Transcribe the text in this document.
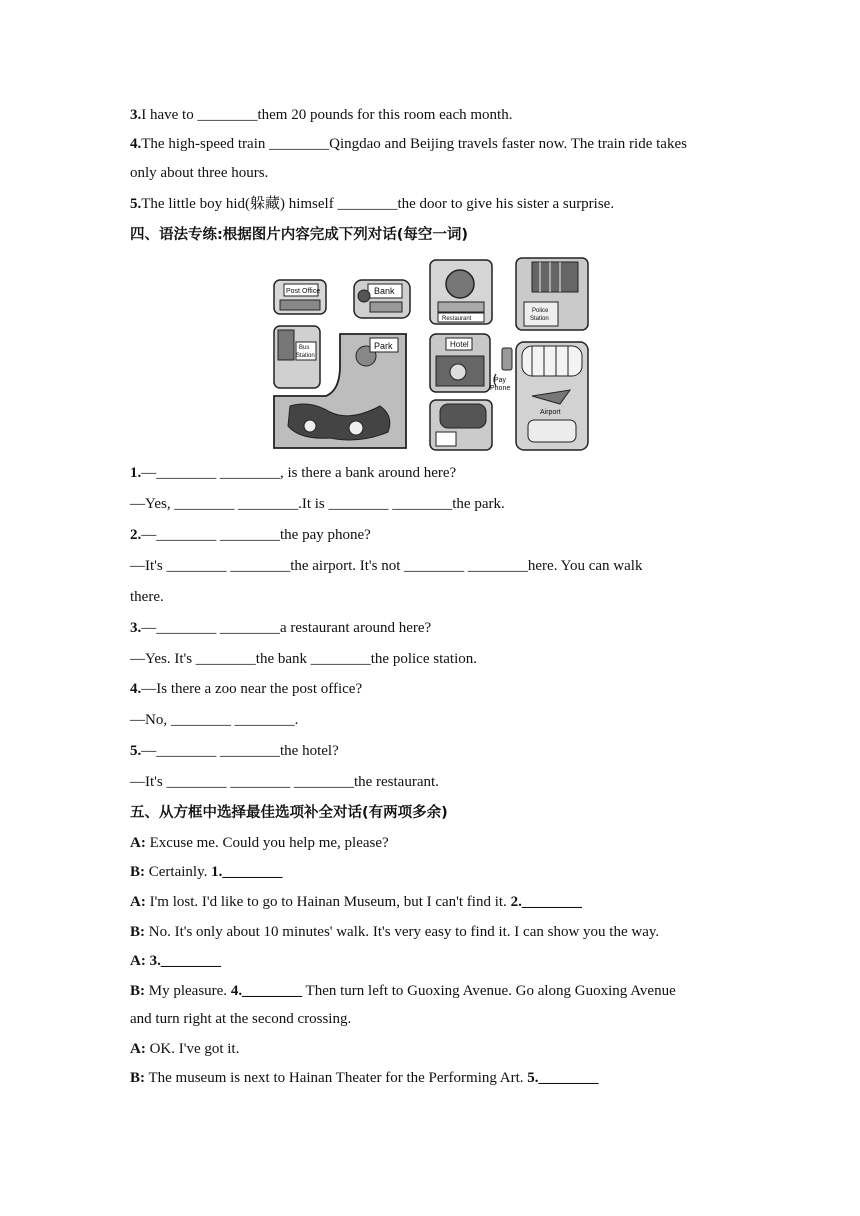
3.I have to ________them 20 pounds for this room each month.
4.The high-speed train ________Qingdao and Beijing travels faster now. The train ride takes
only about three hours.
5.The little boy hid(躲藏) himself ________the door to give his sister a surprise.
四、语法专练:根据图片内容完成下列对话(每空一词)
Post Office	Bank
Restaurant
Police
Station
Bus
Station
Park	Hotel
Pay
Phone
Airport
1.—________ ________, is there a bank around here?
—Yes, ________ ________.It is ________ ________the park.
2.—________ ________the pay phone?
—It's ________ ________the airport. It's not ________ ________here. You can walk
there.
3.—________ ________a restaurant around here?
—Yes. It's ________the bank ________the police station.
4.—Is there a zoo near the post office?
—No, ________ ________.
5.—________ ________the hotel?
—It's ________ ________ ________the restaurant.
五、从方框中选择最佳选项补全对话(有两项多余)
A: Excuse me. Could you help me, please?
B: Certainly. 1.________
A: I'm lost. I'd like to go to Hainan Museum, but I can't find it. 2.________
B: No. It's only about 10 minutes' walk. It's very easy to find it. I can show you the way.
A: 3.________
B: My pleasure. 4.________ Then turn left to Guoxing Avenue. Go along Guoxing Avenue
and turn right at the second crossing.
A: OK. I've got it.
B: The museum is next to Hainan Theater for the Performing Art. 5.________
